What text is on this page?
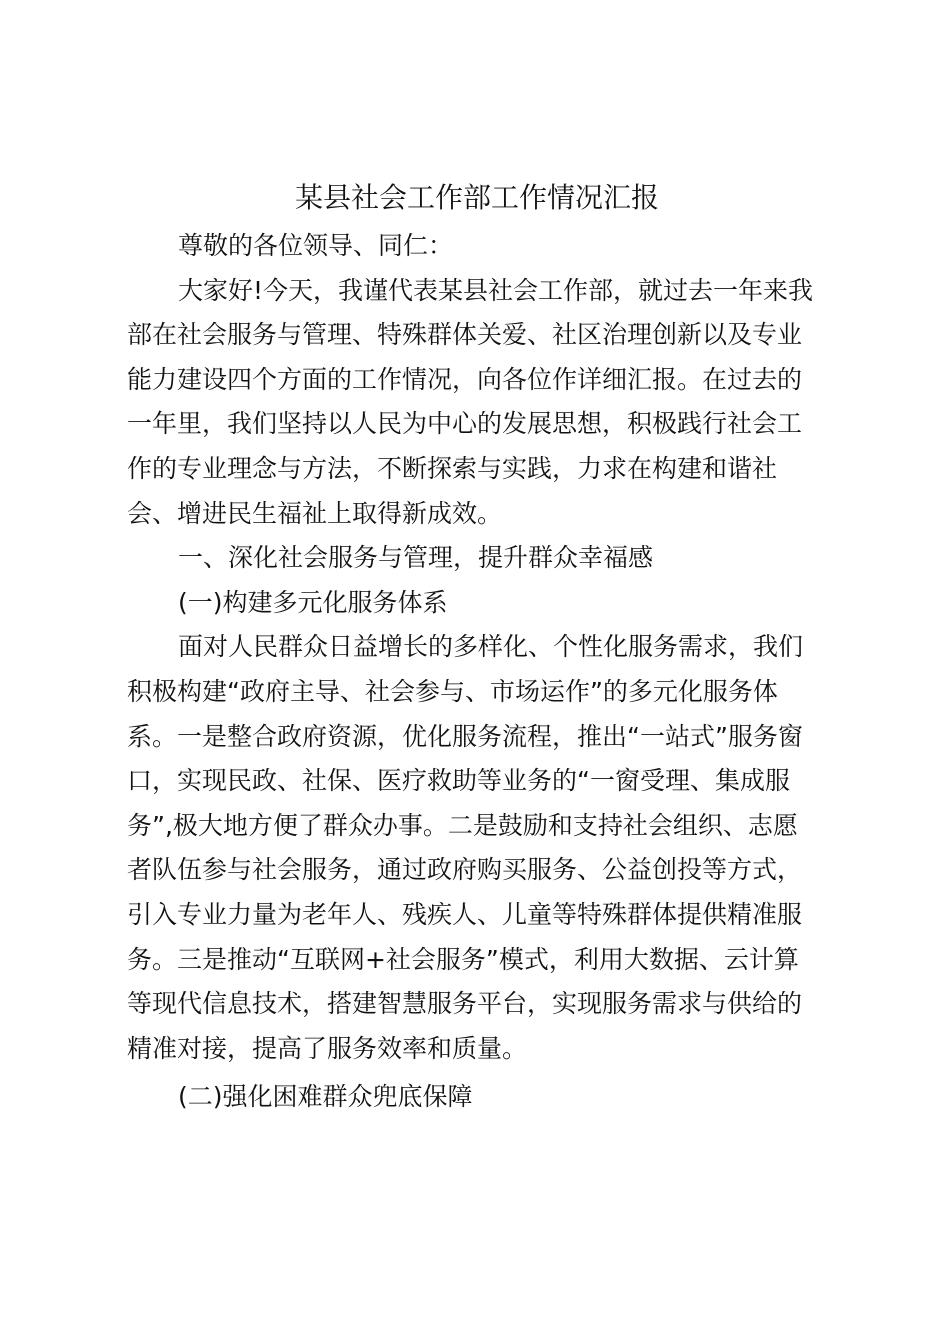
某县社会工作部工作情况汇报
尊敬的各位领导、同仁：
大家好!今天，我谨代表某县社会工作部，就过去一年来我
部在社会服务与管理、特殊群体关爱、社区治理创新以及专业
能力建设四个方面的工作情况，向各位作详细汇报。在过去的
一年里，我们坚持以人民为中心的发展思想，积极践行社会工
作的专业理念与方法，不断探索与实践，力求在构建和谐社
会、增进民生福祉上取得新成效。
一、深化社会服务与管理，提升群众幸福感
(一)构建多元化服务体系
面对人民群众日益增长的多样化、个性化服务需求，我们
积极构建“政府主导、社会参与、市场运作”的多元化服务体
系。一是整合政府资源，优化服务流程，推出“一站式”服务窗
口，实现民政、社保、医疗救助等业务的“一窗受理、集成服
务”,极大地方便了群众办事。二是鼓励和支持社会组织、志愿
者队伍参与社会服务，通过政府购买服务、公益创投等方式，
引入专业力量为老年人、残疾人、儿童等特殊群体提供精准服
务。三是推动“互联网+社会服务”模式，利用大数据、云计算
等现代信息技术，搭建智慧服务平台，实现服务需求与供给的
精准对接，提高了服务效率和质量。
(二)强化困难群众兜底保障
